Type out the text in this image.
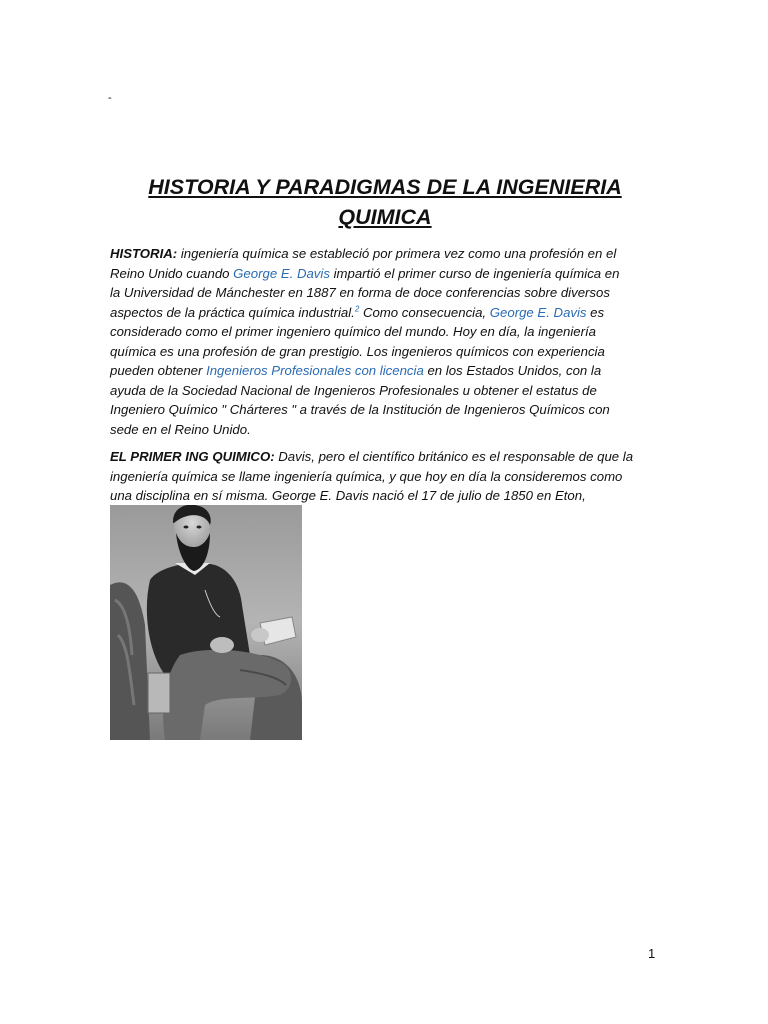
-
HISTORIA Y PARADIGMAS DE LA INGENIERIA
QUIMICA

HISTORIA: ingeniería química se estableció por primera vez como una profesión en el
Reino Unido cuando George E. Davis impartió el primer curso de ingeniería química en
la Universidad de Mánchester en 1887 en forma de doce conferencias sobre diversos
aspectos de la práctica química industrial.$^2$ Como consecuencia, George E. Davis es
considerado como el primer ingeniero químico del mundo. Hoy en día, la ingeniería
química es una profesión de gran prestigio. Los ingenieros químicos con experiencia
pueden obtener Ingenieros Profesionales con licencia en los Estados Unidos, con la
ayuda de la Sociedad Nacional de Ingenieros Profesionales u obtener el estatus de
Ingeniero Químico " Chárteres " a través de la Institución de Ingenieros Químicos con
sede en el Reino Unido.

EL PRIMER ING QUIMICO: Davis, pero el científico británico es el responsable de que la
ingeniería química se llame ingeniería química, y que hoy en día la consideremos como
una disciplina en sí misma. George E. Davis nació el 17 de julio de 1850 en Eton,

1
